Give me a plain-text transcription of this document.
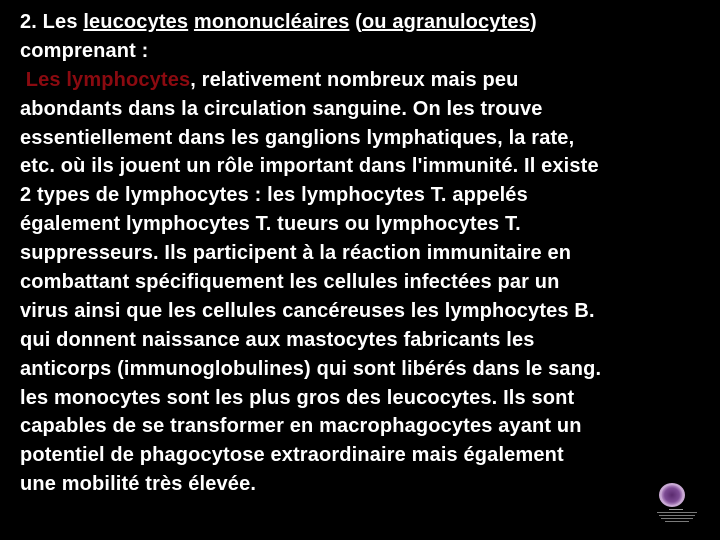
2. Les leucocytes mononucléaires (ou agranulocytes)
comprenant :
Les lymphocytes, relativement nombreux mais peu
abondants dans la circulation sanguine. On les trouve
essentiellement dans les ganglions lymphatiques, la rate,
etc. où ils jouent un rôle important dans l'immunité. Il existe
2 types de lymphocytes : les lymphocytes T. appelés
également lymphocytes T. tueurs ou lymphocytes T.
suppresseurs. Ils participent à la réaction immunitaire en
combattant spécifiquement les cellules infectées par un
virus ainsi que les cellules cancéreuses les lymphocytes B.
qui donnent naissance aux mastocytes fabricants les
anticorps (immunoglobulines) qui sont libérés dans le sang.
les monocytes sont les plus gros des leucocytes. Ils sont
capables de se transformer en macrophagocytes ayant un
potentiel de phagocytose extraordinaire mais également
une mobilité très élevée.
